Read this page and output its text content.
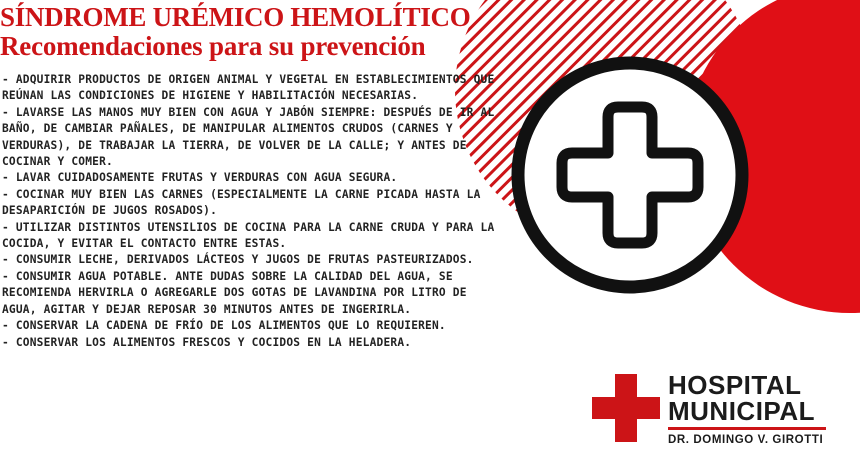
SÍNDROME URÉMICO HEMOLÍTICO
Recomendaciones para su prevención
- ADQUIRIR PRODUCTOS DE ORIGEN ANIMAL Y VEGETAL EN ESTABLECIMIENTOS QUE REÚNAN LAS CONDICIONES DE HIGIENE Y HABILITACIÓN NECESARIAS.
- LAVARSE LAS MANOS MUY BIEN CON AGUA Y JABÓN SIEMPRE: DESPUÉS DE IR AL BAÑO, DE CAMBIAR PAÑALES, DE MANIPULAR ALIMENTOS CRUDOS (CARNES Y VERDURAS), DE TRABAJAR LA TIERRA, DE VOLVER DE LA CALLE; Y ANTES DE COCINAR Y COMER.
- LAVAR CUIDADOSAMENTE FRUTAS Y VERDURAS CON AGUA SEGURA.
- COCINAR MUY BIEN LAS CARNES (ESPECIALMENTE LA CARNE PICADA HASTA LA DESAPARICIÓN DE JUGOS ROSADOS).
- UTILIZAR DISTINTOS UTENSILIOS DE COCINA PARA LA CARNE CRUDA Y PARA LA COCIDA, Y EVITAR EL CONTACTO ENTRE ESTAS.
- CONSUMIR LECHE, DERIVADOS LÁCTEOS Y JUGOS DE FRUTAS PASTEURIZADOS.
- CONSUMIR AGUA POTABLE. ANTE DUDAS SOBRE LA CALIDAD DEL AGUA, SE RECOMIENDA HERVIRLA O AGREGARLE DOS GOTAS DE LAVANDINA POR LITRO DE AGUA, AGITAR Y DEJAR REPOSAR 30 MINUTOS ANTES DE INGERIRLA.
- CONSERVAR LA CADENA DE FRÍO DE LOS ALIMENTOS QUE LO REQUIEREN.
- CONSERVAR LOS ALIMENTOS FRESCOS Y COCIDOS EN LA HELADERA.
HOSPITAL
MUNICIPAL
DR. DOMINGO V. GIROTTI
